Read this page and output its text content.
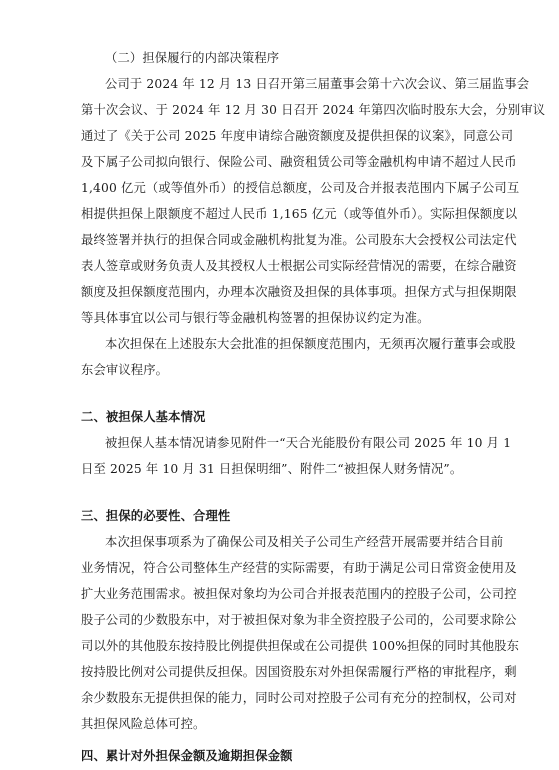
（二）担保履行的内部决策程序
公司于 2024 年 12 月 13 日召开第三届董事会第十六次会议、第三届监事会
第十次会议、于 2024 年 12 月 30 日召开 2024 年第四次临时股东大会，分别审议
通过了《关于公司 2025 年度申请综合融资额度及提供担保的议案》，同意公司
及下属子公司拟向银行、保险公司、融资租赁公司等金融机构申请不超过人民币
1,400 亿元（或等值外币）的授信总额度，公司及合并报表范围内下属子公司互
相提供担保上限额度不超过人民币 1,165 亿元（或等值外币）。实际担保额度以
最终签署并执行的担保合同或金融机构批复为准。公司股东大会授权公司法定代
表人签章或财务负责人及其授权人士根据公司实际经营情况的需要，在综合融资
额度及担保额度范围内，办理本次融资及担保的具体事项。担保方式与担保期限
等具体事宜以公司与银行等金融机构签署的担保协议约定为准。
本次担保在上述股东大会批准的担保额度范围内，无须再次履行董事会或股
东会审议程序。
二、被担保人基本情况
被担保人基本情况请参见附件一“天合光能股份有限公司 2025 年 10 月 1
日至 2025 年 10 月 31 日担保明细”、附件二“被担保人财务情况”。
三、担保的必要性、合理性
本次担保事项系为了确保公司及相关子公司生产经营开展需要并结合目前
业务情况，符合公司整体生产经营的实际需要，有助于满足公司日常资金使用及
扩大业务范围需求。被担保对象均为公司合并报表范围内的控股子公司，公司控
股子公司的少数股东中，对于被担保对象为非全资控股子公司的，公司要求除公
司以外的其他股东按持股比例提供担保或在公司提供 100%担保的同时其他股东
按持股比例对公司提供反担保。因国资股东对外担保需履行严格的审批程序，剩
余少数股东无提供担保的能力，同时公司对控股子公司有充分的控制权，公司对
其担保风险总体可控。
四、累计对外担保金额及逾期担保金额
